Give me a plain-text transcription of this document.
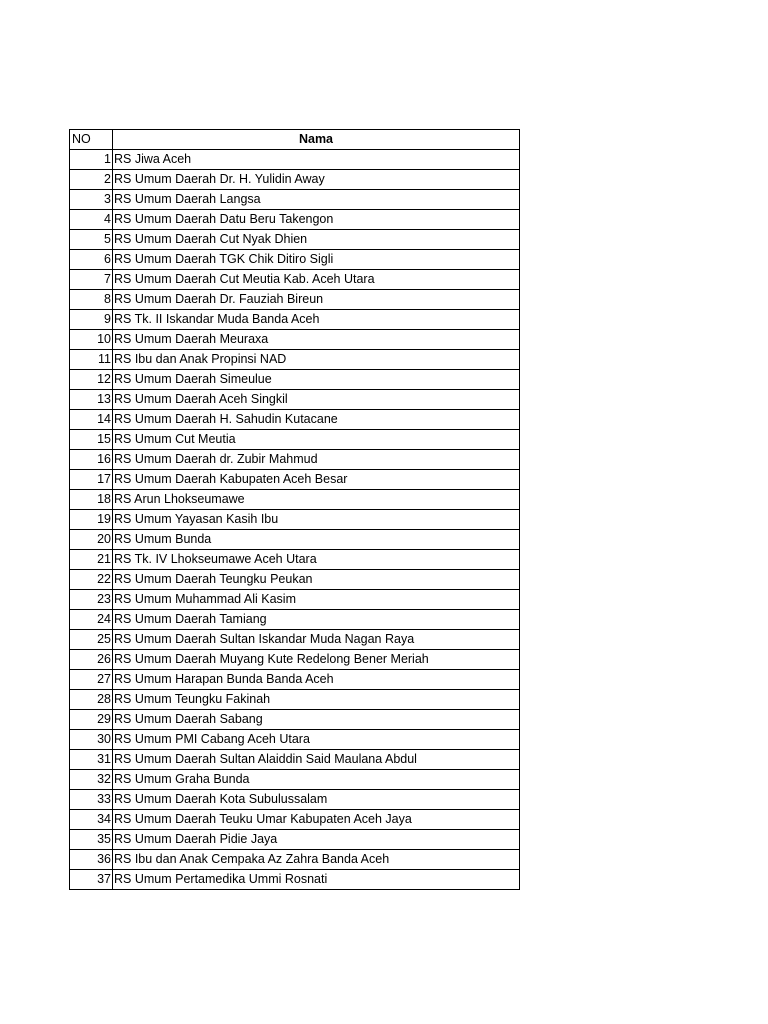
NO	Nama
1	RS Jiwa Aceh
2	RS Umum Daerah Dr. H. Yulidin Away
3	RS Umum Daerah Langsa
4	RS Umum Daerah Datu Beru Takengon
5	RS Umum Daerah Cut Nyak Dhien
6	RS Umum Daerah TGK Chik Ditiro Sigli
7	RS Umum Daerah Cut Meutia Kab. Aceh Utara
8	RS Umum Daerah Dr. Fauziah Bireun
9	RS Tk. II Iskandar Muda Banda Aceh
10	RS Umum Daerah Meuraxa
11	RS Ibu dan Anak Propinsi NAD
12	RS Umum Daerah Simeulue
13	RS Umum Daerah Aceh Singkil
14	RS Umum Daerah H. Sahudin Kutacane
15	RS Umum Cut Meutia
16	RS Umum Daerah dr. Zubir Mahmud
17	RS Umum Daerah Kabupaten Aceh Besar
18	RS Arun Lhokseumawe
19	RS Umum Yayasan Kasih Ibu
20	RS Umum Bunda
21	RS Tk. IV Lhokseumawe Aceh Utara
22	RS Umum Daerah Teungku Peukan
23	RS Umum Muhammad Ali Kasim
24	RS Umum Daerah Tamiang
25	RS Umum Daerah Sultan Iskandar Muda Nagan Raya
26	RS Umum Daerah Muyang Kute Redelong Bener Meriah
27	RS Umum Harapan Bunda Banda Aceh
28	RS Umum Teungku Fakinah
29	RS Umum Daerah Sabang
30	RS Umum PMI Cabang Aceh Utara
31	RS Umum Daerah Sultan Alaiddin Said Maulana Abdul
32	RS Umum Graha Bunda
33	RS Umum Daerah Kota Subulussalam
34	RS Umum Daerah Teuku Umar Kabupaten Aceh Jaya
35	RS Umum Daerah Pidie Jaya
36	RS Ibu dan Anak Cempaka Az Zahra Banda Aceh
37	RS Umum Pertamedika Ummi Rosnati
